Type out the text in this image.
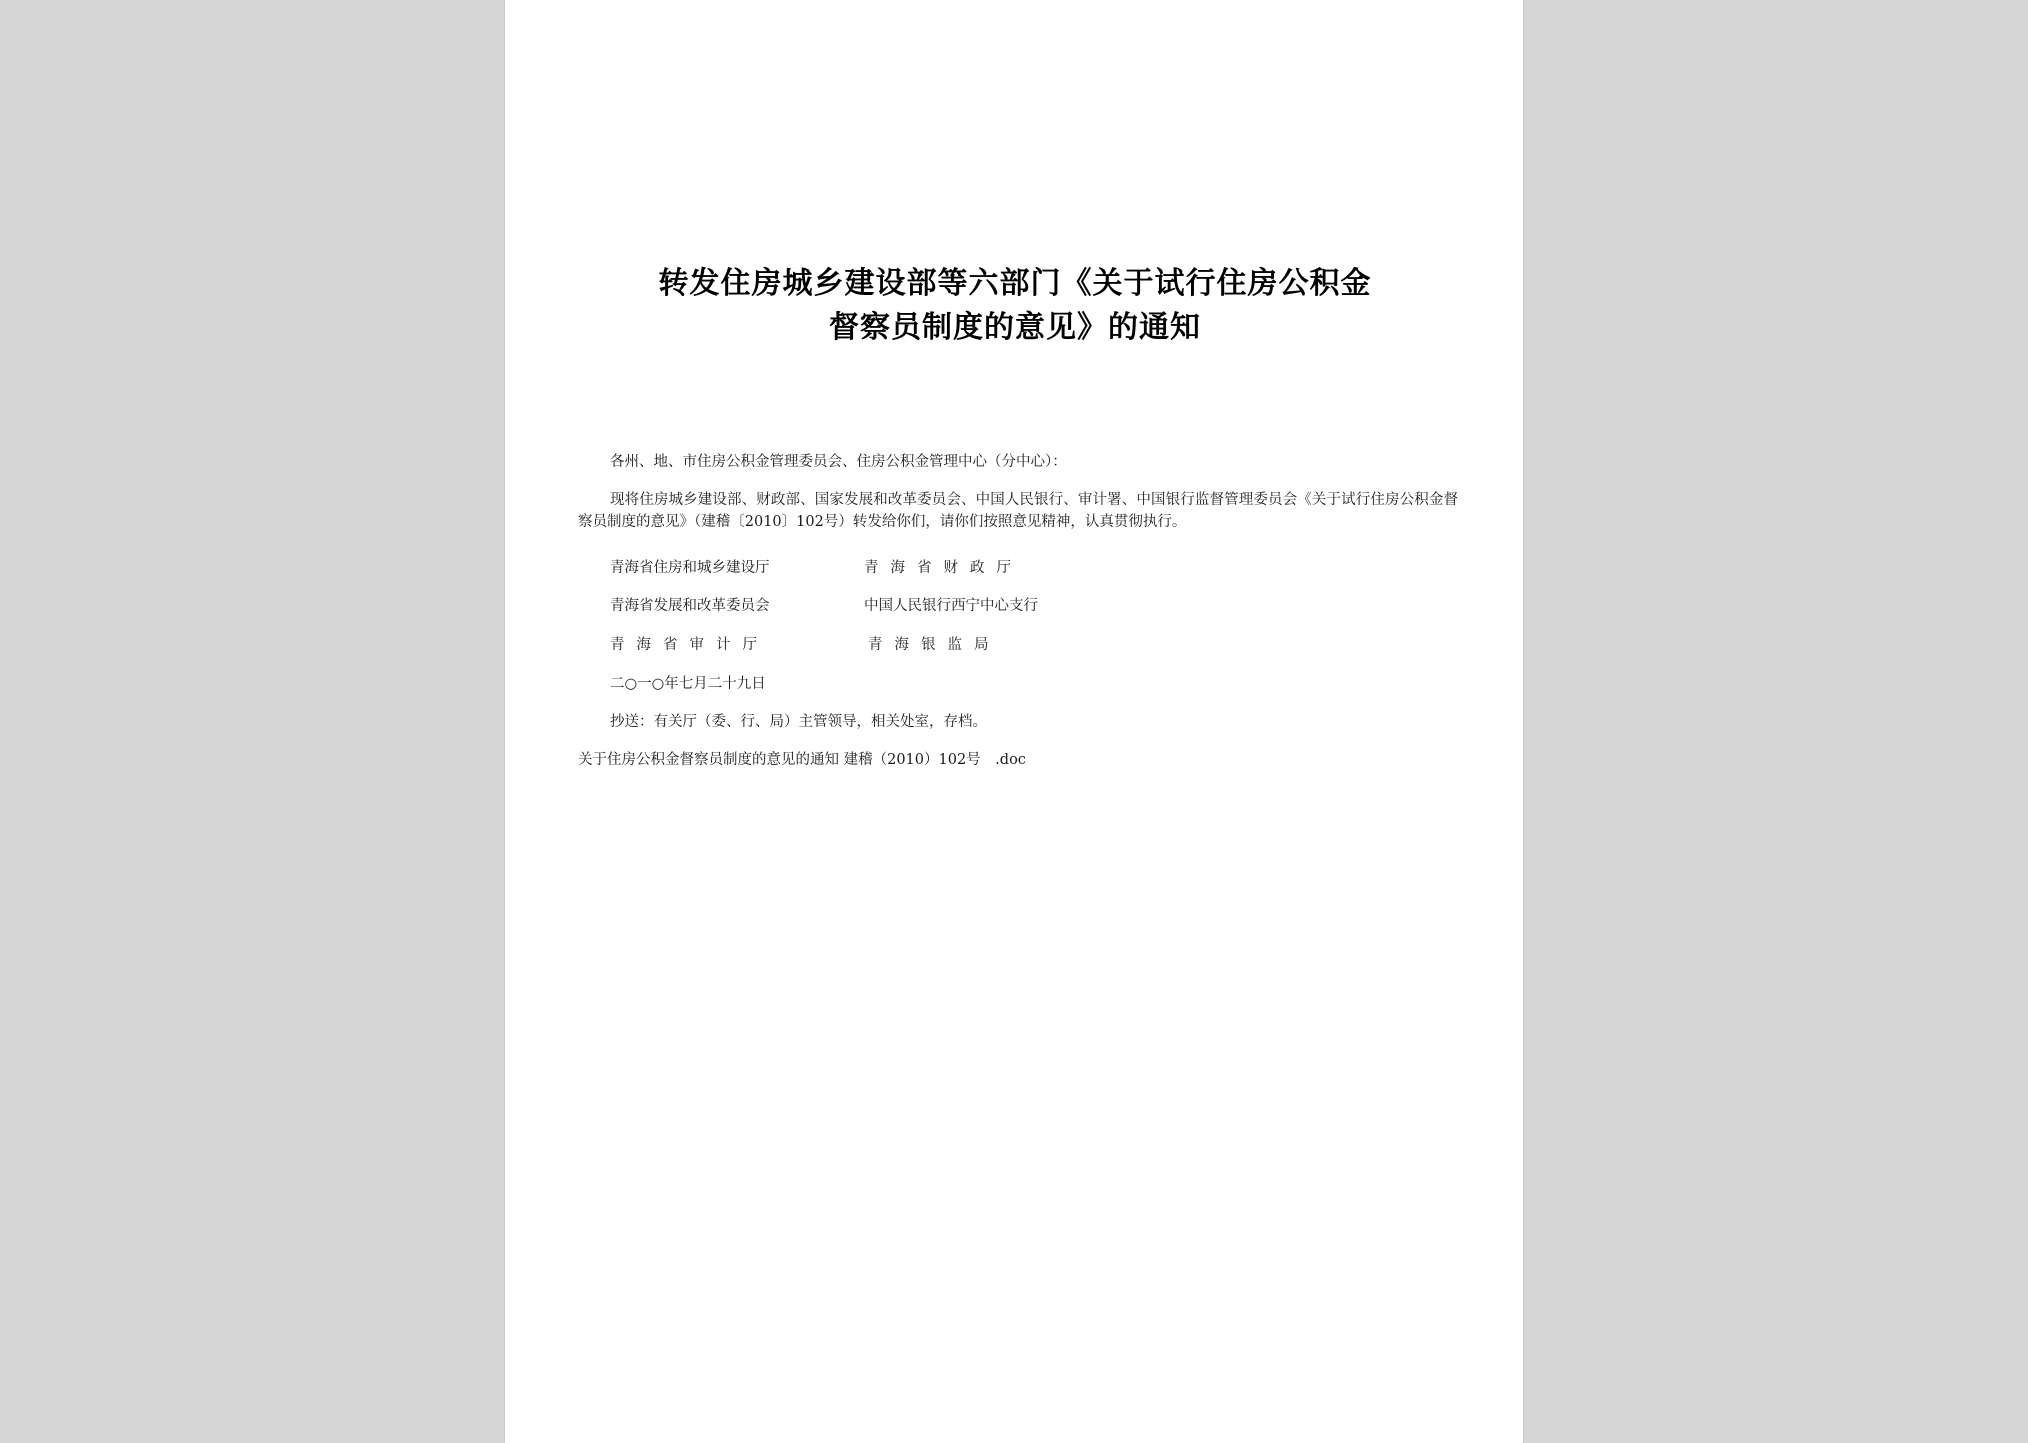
转发住房城乡建设部等六部门《关于试行住房公积金
督察员制度的意见》的通知
各州、地、市住房公积金管理委员会、住房公积金管理中心（分中心）：
现将住房城乡建设部、财政部、国家发展和改革委员会、中国人民银行、审计署、中国银行监督管理委员会《关于试行住房公积金督察员制度的意见》（建稽〔2010〕102号）转发给你们，请你们按照意见精神，认真贯彻执行。
青海省住房和城乡建设厅	青海省财政厅
青海省发展和改革委员会	中国人民银行西宁中心支行
青海省审计厅	青海银监局
二○一○年七月二十九日
抄送：有关厅（委、行、局）主管领导，相关处室，存档。
关于住房公积金督察员制度的意见的通知 建稽（2010）102号　.doc
